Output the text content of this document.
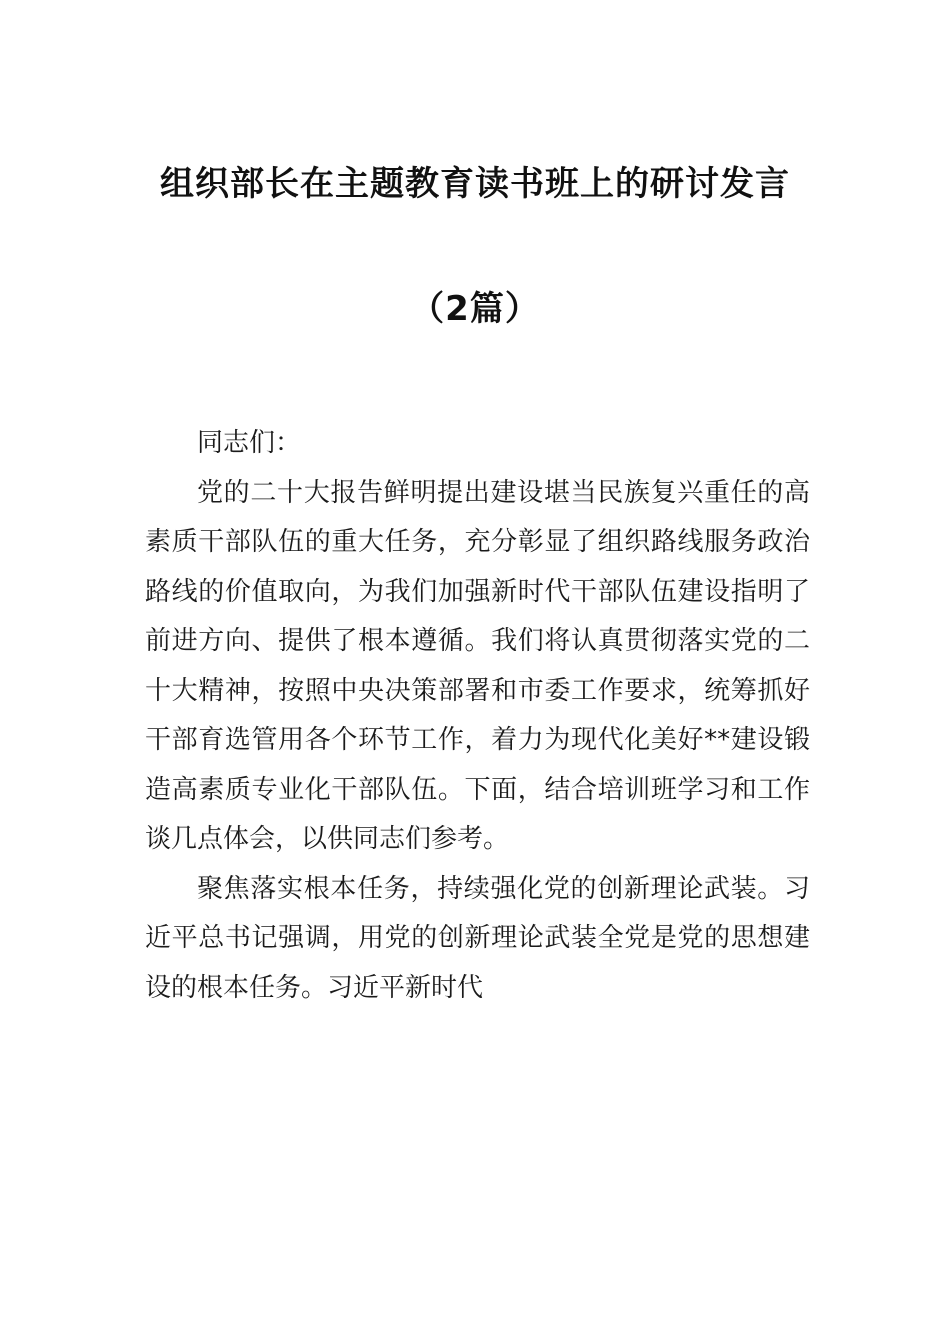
组织部长在主题教育读书班上的研讨发言
（2篇）

同志们：

党的二十大报告鲜明提出建设堪当民族复兴重任的高素质干部队伍的重大任务，充分彰显了组织路线服务政治路线的价值取向，为我们加强新时代干部队伍建设指明了前进方向、提供了根本遵循。我们将认真贯彻落实党的二十大精神，按照中央决策部署和市委工作要求，统筹抓好干部育选管用各个环节工作，着力为现代化美好**建设锻造高素质专业化干部队伍。下面，结合培训班学习和工作谈几点体会，以供同志们参考。

聚焦落实根本任务，持续强化党的创新理论武装。习近平总书记强调，用党的创新理论武装全党是党的思想建设的根本任务。习近平新时代
